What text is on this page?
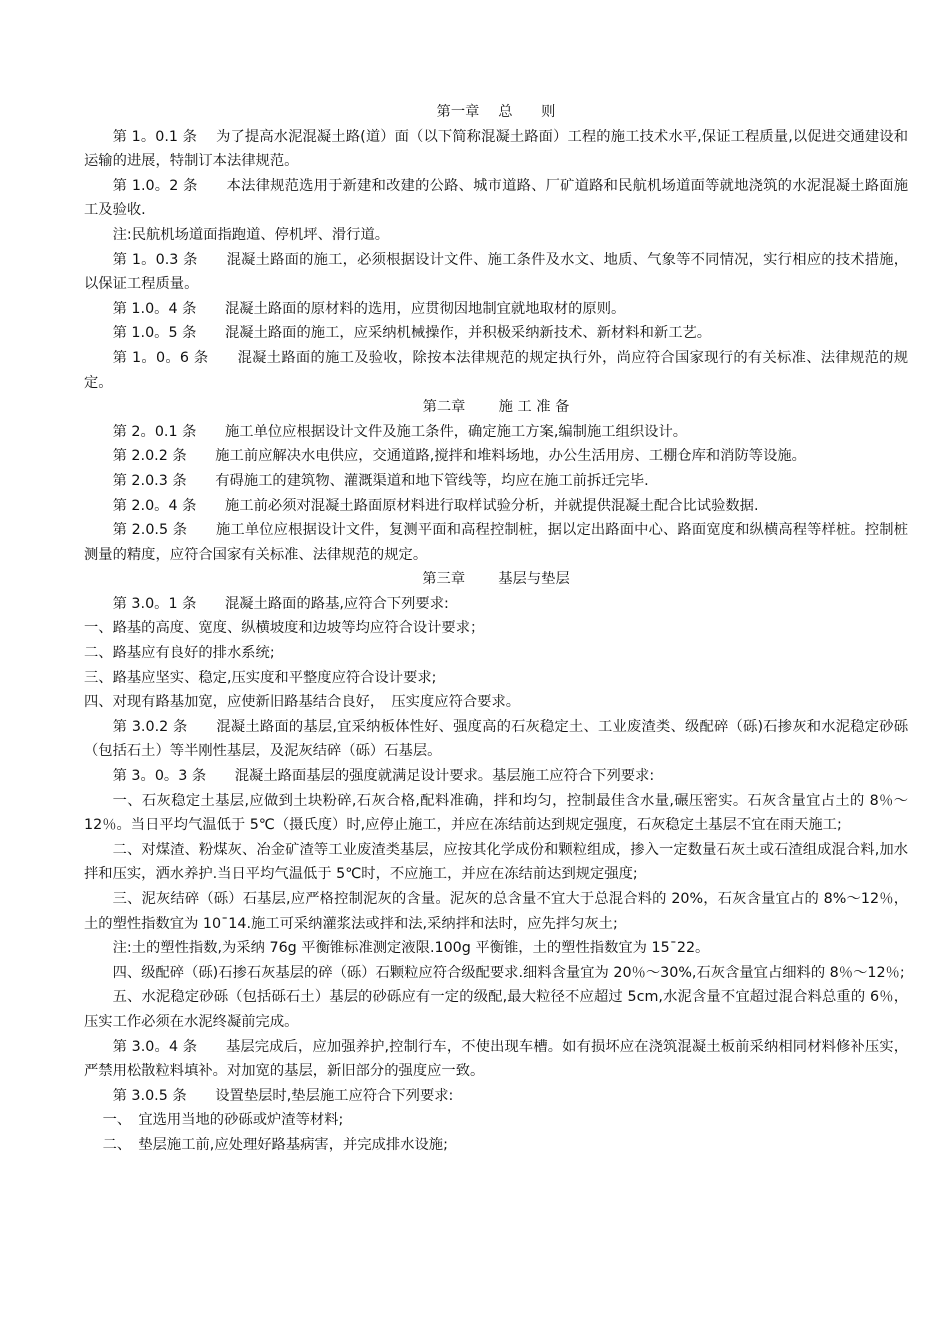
第一章　 总　　则

第 1。0.1 条　 为了提高水泥混凝土路(道）面（以下简称混凝土路面）工程的施工技术水平,保证工程质量,以促进交通建设和运输的进展，特制订本法律规范。

第 1.0。2 条　　本法律规范选用于新建和改建的公路、城市道路、厂矿道路和民航机场道面等就地浇筑的水泥混凝土路面施工及验收.

注:民航机场道面指跑道、停机坪、滑行道。

第 1。0.3 条　　混凝土路面的施工，必须根据设计文件、施工条件及水文、地质、气象等不同情况，实行相应的技术措施，以保证工程质量。

第 1.0。4 条　　混凝土路面的原材料的选用，应贯彻因地制宜就地取材的原则。

第 1.0。5 条　　混凝土路面的施工，应采纳机械操作，并积极采纳新技术、新材料和新工艺。

第 1。0。6 条　　混凝土路面的施工及验收，除按本法律规范的规定执行外，尚应符合国家现行的有关标准、法律规范的规定。

第二章　　 施 工 准 备

第 2。0.1 条　　施工单位应根据设计文件及施工条件，确定施工方案,编制施工组织设计。

第 2.0.2 条　　施工前应解决水电供应，交通道路,搅拌和堆料场地，办公生活用房、工棚仓库和消防等设施。

第 2.0.3 条　　有碍施工的建筑物、灌溉渠道和地下管线等，均应在施工前拆迁完毕.

第 2.0。4 条　　施工前必须对混凝土路面原材料进行取样试验分析，并就提供混凝土配合比试验数据.

第 2.0.5 条　　施工单位应根据设计文件，复测平面和高程控制桩，据以定出路面中心、路面宽度和纵横高程等样桩。控制桩测量的精度，应符合国家有关标准、法律规范的规定。

第三章　　 基层与垫层

第 3.0。1 条　　混凝土路面的路基,应符合下列要求:

一、路基的高度、宽度、纵横坡度和边坡等均应符合设计要求；

二、路基应有良好的排水系统;

三、路基应坚实、稳定,压实度和平整度应符合设计要求;

四、对现有路基加宽，应使新旧路基结合良好，　压实度应符合要求。

第 3.0.2 条　　混凝土路面的基层,宜采纳板体性好、强度高的石灰稳定土、工业废渣类、级配碎（砾)石掺灰和水泥稳定砂砾（包括石土）等半刚性基层，及泥灰结碎（砾）石基层。

第 3。0。3 条　　混凝土路面基层的强度就满足设计要求。基层施工应符合下列要求:

一、石灰稳定土基层,应做到土块粉碎,石灰合格,配料准确，拌和均匀，控制最佳含水量,碾压密实。石灰含量宜占土的 8％～12％。当日平均气温低于 5℃（摄氏度）时,应停止施工，并应在冻结前达到规定强度，石灰稳定土基层不宜在雨天施工;

二、对煤渣、粉煤灰、冶金矿渣等工业废渣类基层，应按其化学成份和颗粒组成，掺入一定数量石灰土或石渣组成混合料,加水拌和压实，洒水养护.当日平均气温低于 5℃时，不应施工，并应在冻结前达到规定强度;

三、泥灰结碎（砾）石基层,应严格控制泥灰的含量。泥灰的总含量不宜大于总混合料的 20%，石灰含量宜占的 8%～12％，土的塑性指数宜为 10¯14.施工可采纳灌浆法或拌和法,采纳拌和法时，应先拌匀灰土;

注:土的塑性指数,为采纳 76g 平衡锥标准测定液限.100g 平衡锥，土的塑性指数宜为 15¯22。

四、级配碎（砾)石掺石灰基层的碎（砾）石颗粒应符合级配要求.细料含量宜为 20％～30%,石灰含量宜占细料的 8％～12％;

五、水泥稳定砂砾（包括砾石土）基层的砂砾应有一定的级配,最大粒径不应超过 5cm,水泥含量不宜超过混合料总重的 6％，压实工作必须在水泥终凝前完成。

第 3.0。4 条　　基层完成后，应加强养护,控制行车，不使出现车槽。如有损坏应在浇筑混凝土板前采纳相同材料修补压实，严禁用松散粒料填补。对加宽的基层，新旧部分的强度应一致。

第 3.0.5 条　　设置垫层时,垫层施工应符合下列要求:

一、　宜选用当地的砂砾或炉渣等材料;

二、　垫层施工前,应处理好路基病害，并完成排水设施;
